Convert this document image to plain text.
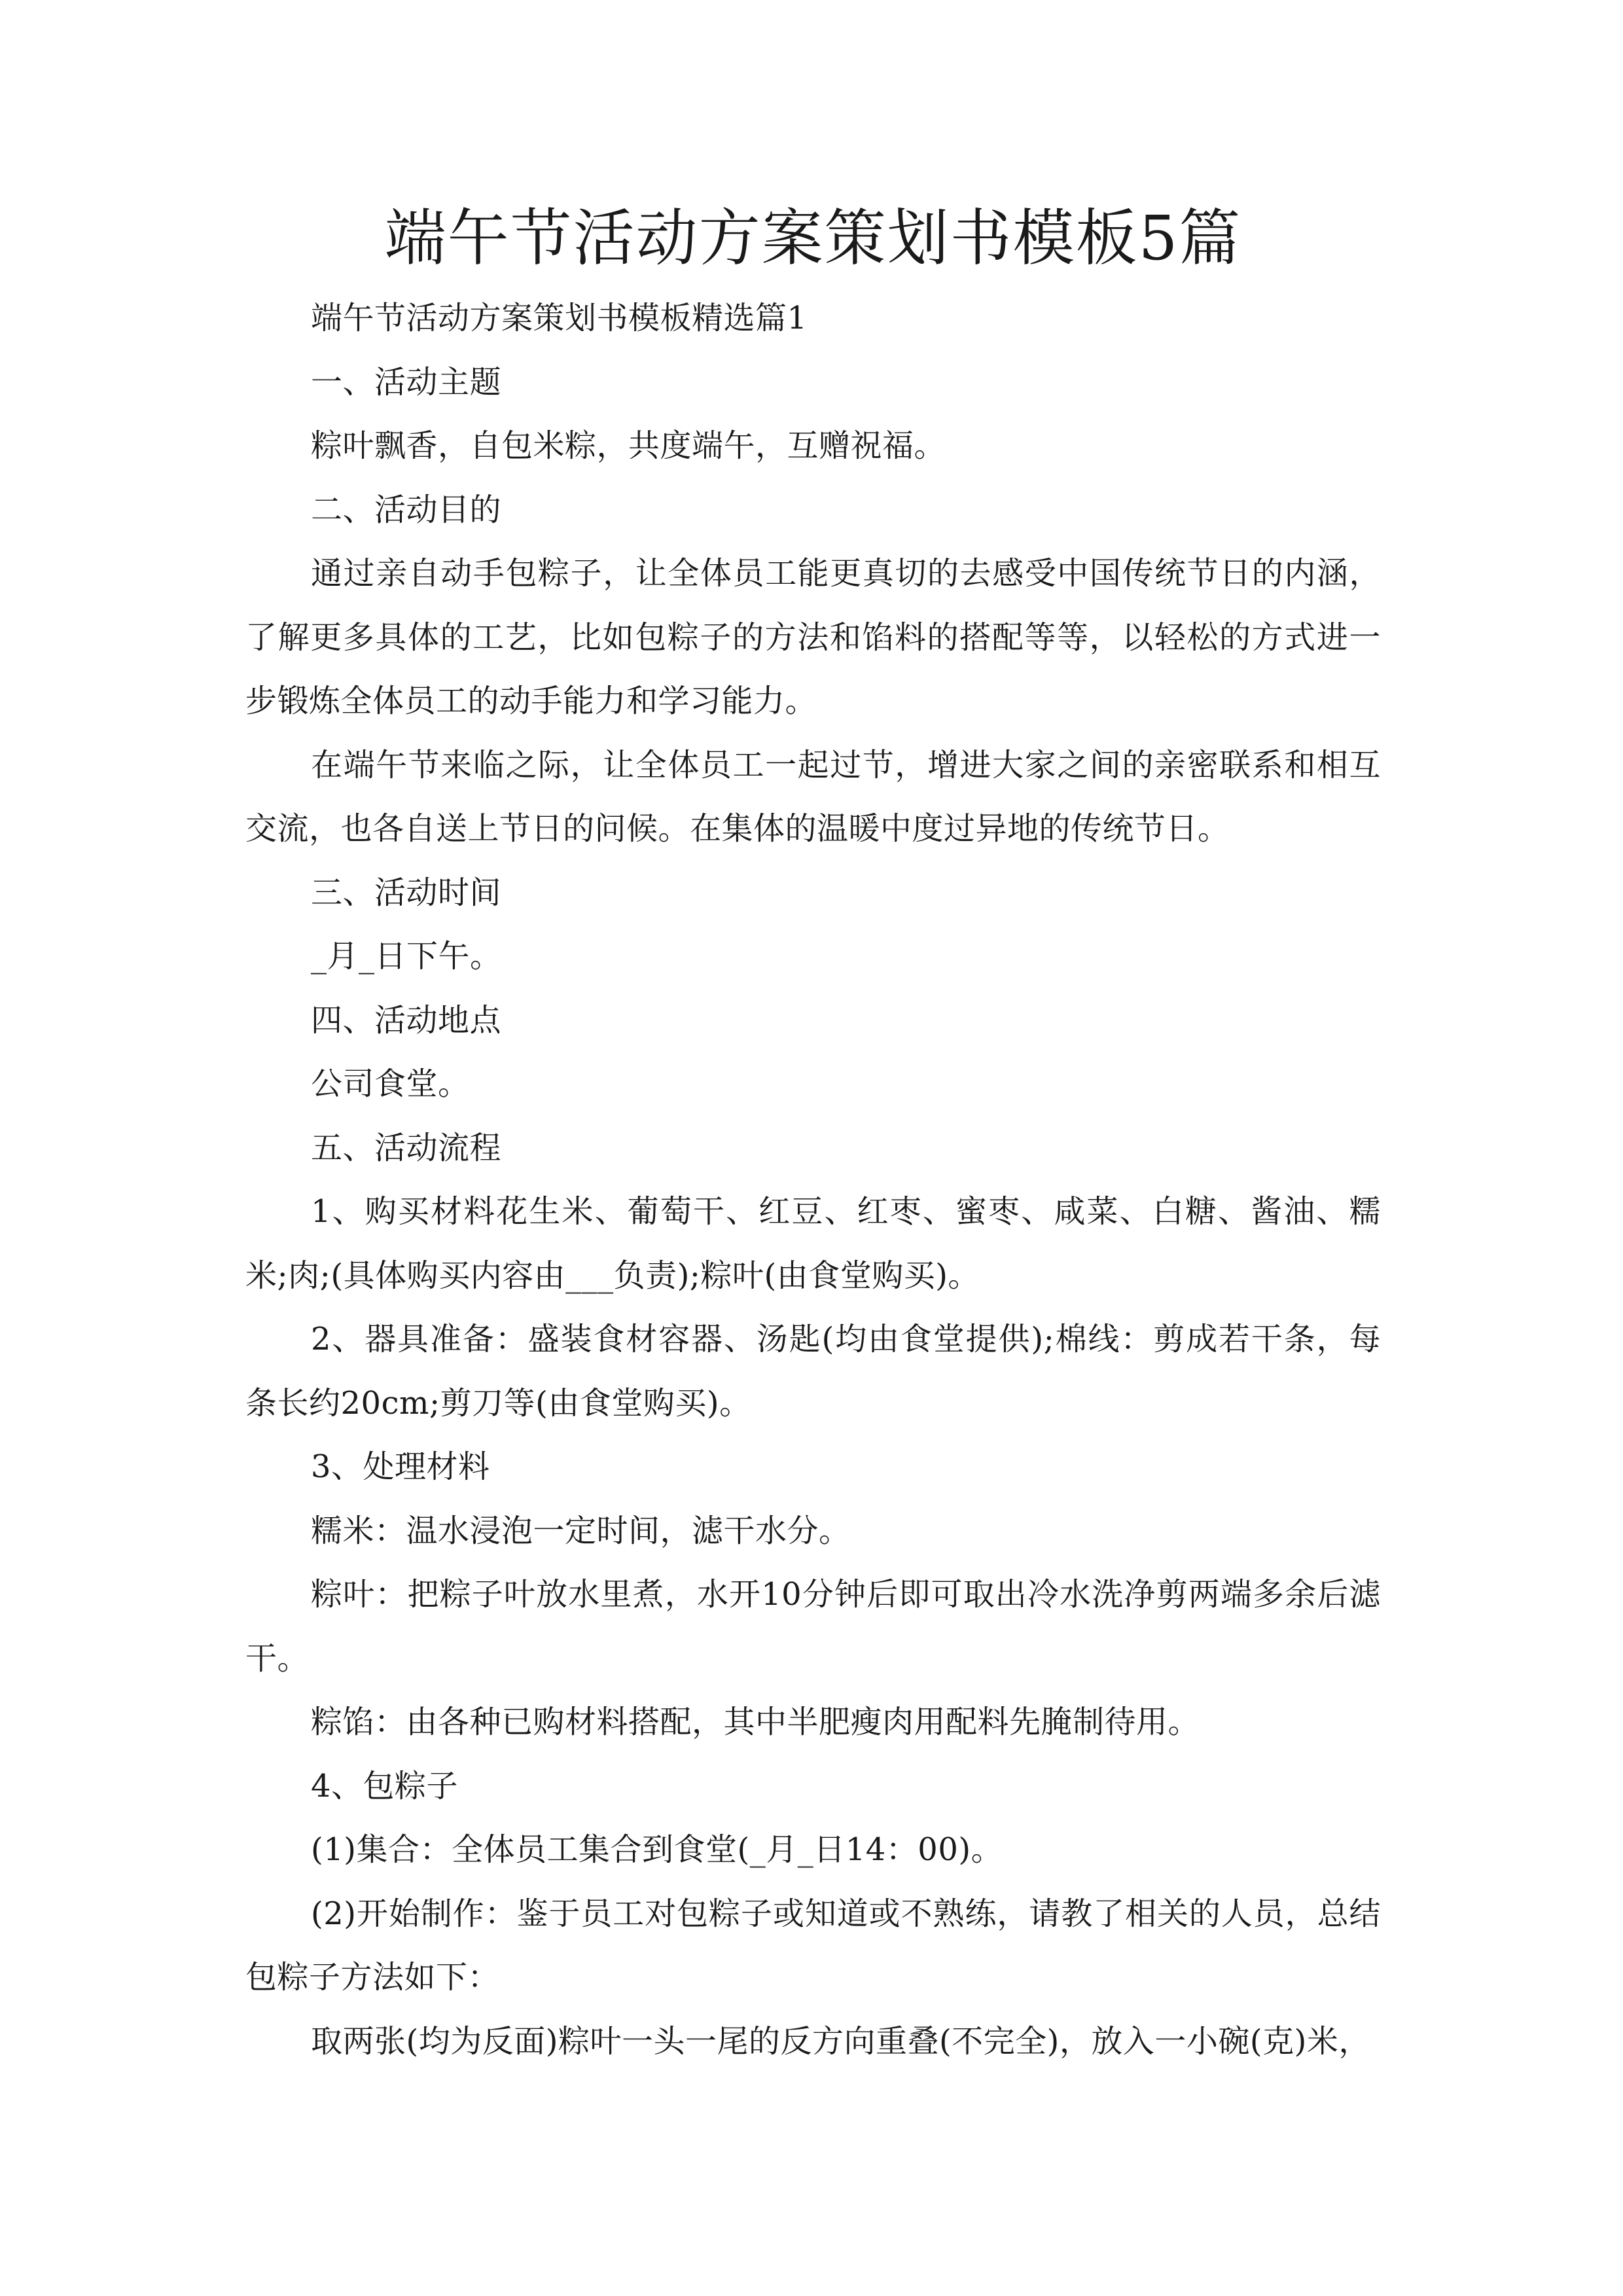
端午节活动方案策划书模板5篇

端午节活动方案策划书模板精选篇1

一、活动主题

粽叶飘香，自包米粽，共度端午，互赠祝福。

二、活动目的

通过亲自动手包粽子，让全体员工能更真切的去感受中国传统节日的内涵，了解更多具体的工艺，比如包粽子的方法和馅料的搭配等等，以轻松的方式进一步锻炼全体员工的动手能力和学习能力。

在端午节来临之际，让全体员工一起过节，增进大家之间的亲密联系和相互交流，也各自送上节日的问候。在集体的温暖中度过异地的传统节日。

三、活动时间

_月_日下午。

四、活动地点

公司食堂。

五、活动流程

1、购买材料花生米、葡萄干、红豆、红枣、蜜枣、咸菜、白糖、酱油、糯米;肉;(具体购买内容由___负责);粽叶(由食堂购买)。

2、器具准备：盛装食材容器、汤匙(均由食堂提供);棉线：剪成若干条，每条长约20cm;剪刀等(由食堂购买)。

3、处理材料

糯米：温水浸泡一定时间，滤干水分。

粽叶：把粽子叶放水里煮，水开10分钟后即可取出冷水洗净剪两端多余后滤干。

粽馅：由各种已购材料搭配，其中半肥瘦肉用配料先腌制待用。

4、包粽子

(1)集合：全体员工集合到食堂(_月_日14：00)。

(2)开始制作：鉴于员工对包粽子或知道或不熟练，请教了相关的人员，总结包粽子方法如下：

取两张(均为反面)粽叶一头一尾的反方向重叠(不完全)，放入一小碗(克)米，
